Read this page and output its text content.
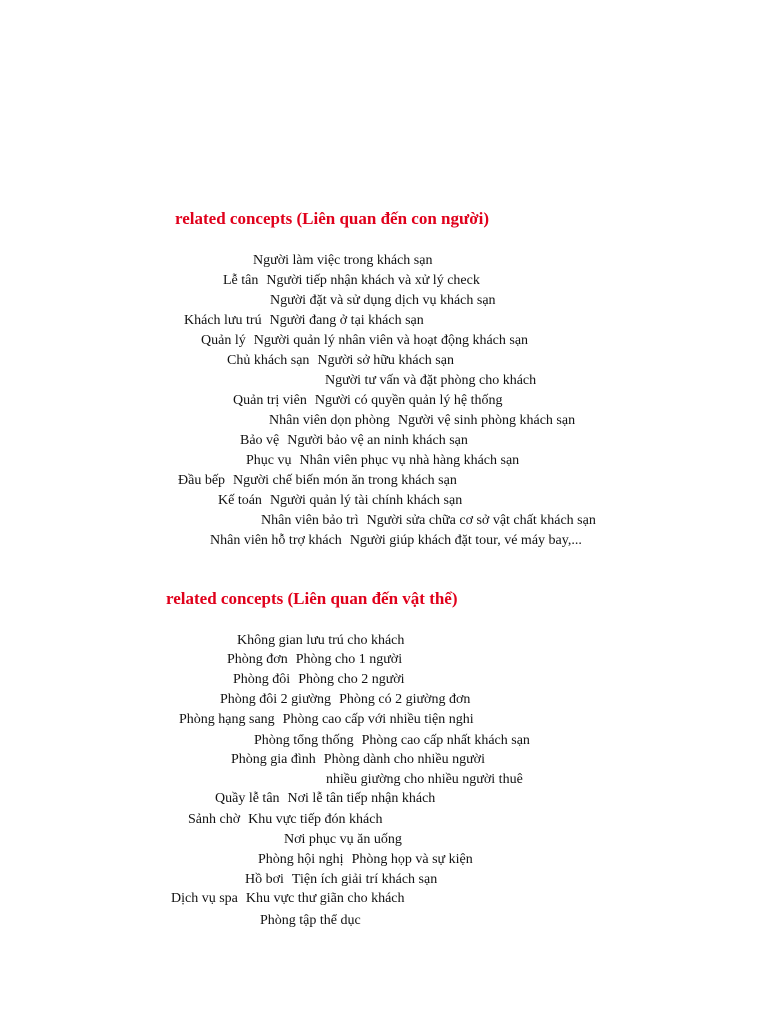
related concepts (Liên quan đến con người)
Người làm việc trong khách sạn
Lễ tân Người tiếp nhận khách và xử lý check
Người đặt và sử dụng dịch vụ khách sạn
Khách lưu trú Người đang ở tại khách sạn
Quản lý Người quản lý nhân viên và hoạt động khách sạn
Chủ khách sạn Người sở hữu khách sạn
Người tư vấn và đặt phòng cho khách
Quản trị viên Người có quyền quản lý hệ thống
Nhân viên dọn phòng Người vệ sinh phòng khách sạn
Bảo vệ Người bảo vệ an ninh khách sạn
Phục vụ Nhân viên phục vụ nhà hàng khách sạn
Đầu bếp Người chế biến món ăn trong khách sạn
Kế toán Người quản lý tài chính khách sạn
Nhân viên bảo trì Người sửa chữa cơ sở vật chất khách sạn
Nhân viên hỗ trợ khách Người giúp khách đặt tour, vé máy bay,...
related concepts (Liên quan đến vật thể)
Không gian lưu trú cho khách
Phòng đơn Phòng cho 1 người
Phòng đôi Phòng cho 2 người
Phòng đôi 2 giường Phòng có 2 giường đơn
Phòng hạng sang Phòng cao cấp với nhiều tiện nghi
Phòng tổng thống Phòng cao cấp nhất khách sạn
Phòng gia đình Phòng dành cho nhiều người
nhiều giường cho nhiều người thuê
Quầy lễ tân Nơi lễ tân tiếp nhận khách
Sảnh chờ Khu vực tiếp đón khách
Nơi phục vụ ăn uống
Phòng hội nghị Phòng họp và sự kiện
Hồ bơi Tiện ích giải trí khách sạn
Dịch vụ spa Khu vực thư giãn cho khách
Phòng tập thể dục
